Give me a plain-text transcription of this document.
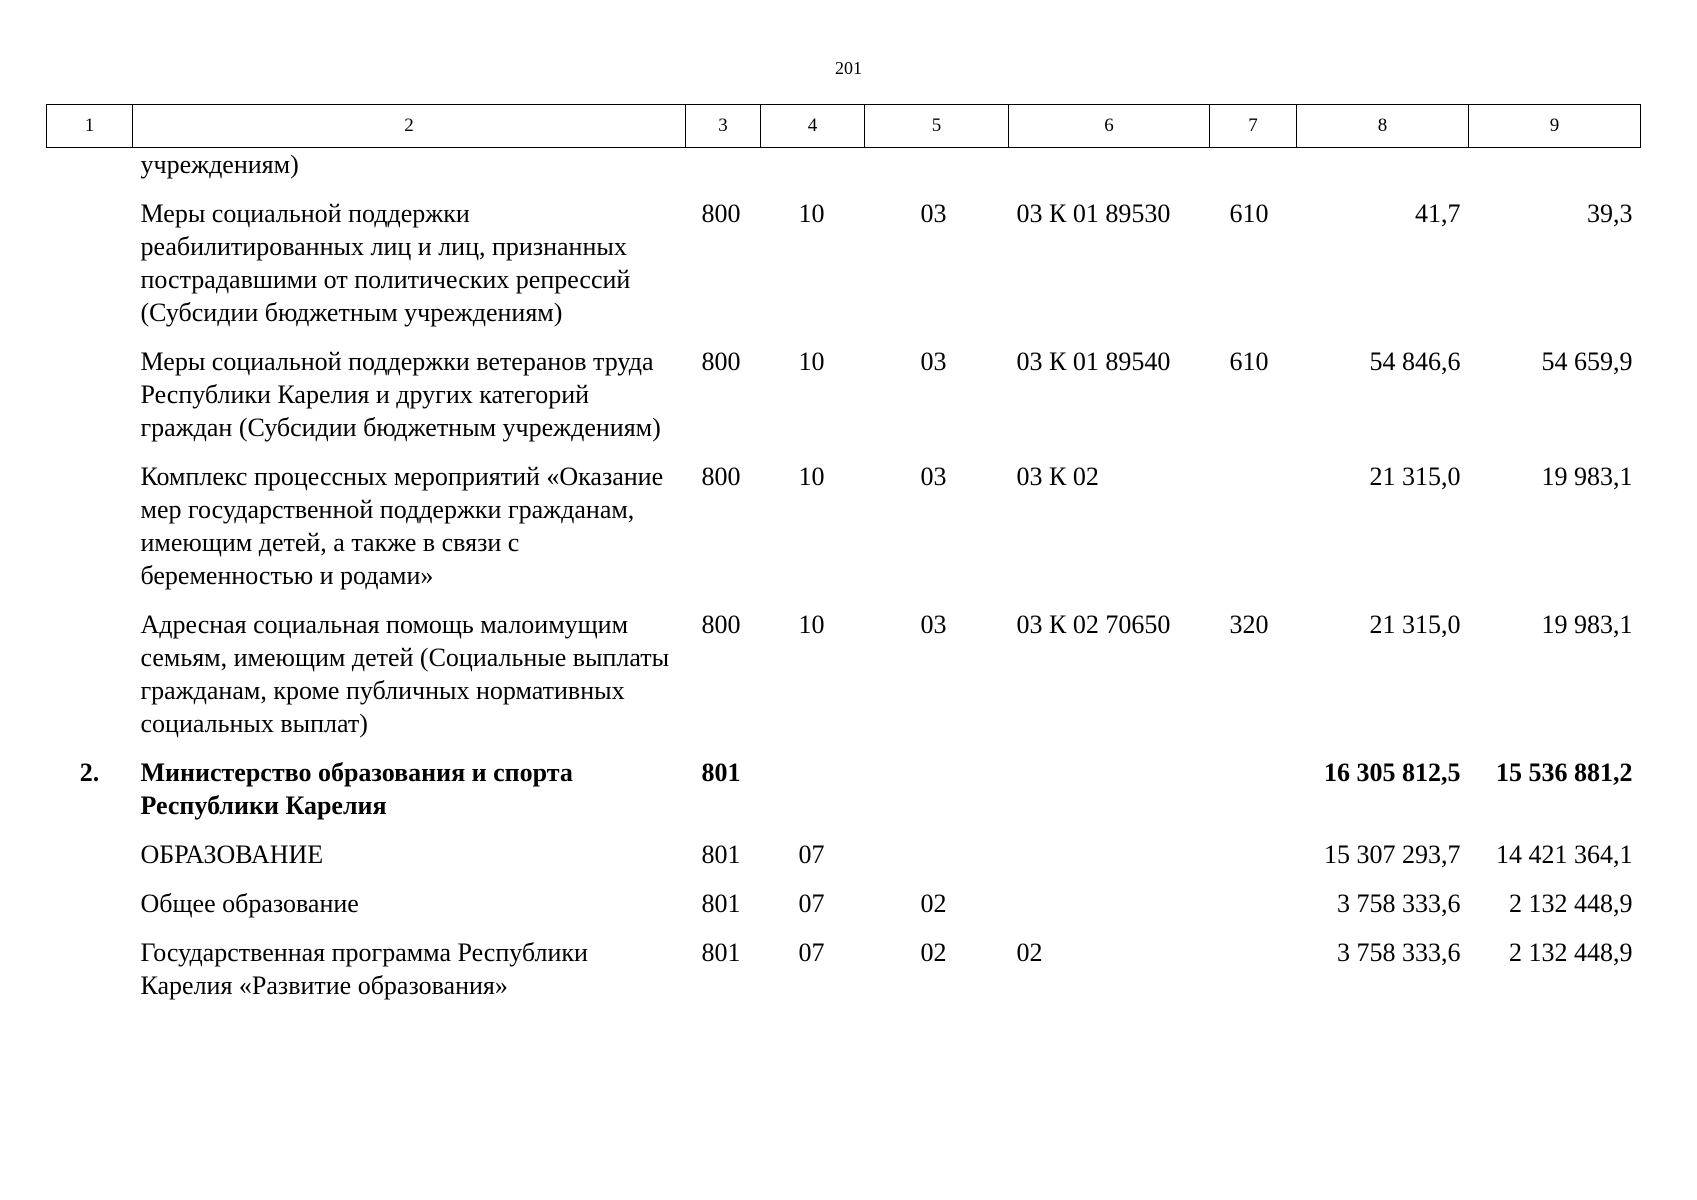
201
1	2	3	4	5	6	7	8	9
	учреждениям)							
	Меры социальной поддержки реабилитированных лиц и лиц, признанных пострадавшими от политических репрессий (Субсидии бюджетным учреждениям)	800	10	03	03 К 01 89530	610	41,7	39,3
	Меры социальной поддержки ветеранов труда Республики Карелия и других категорий граждан (Субсидии бюджетным учреждениям)	800	10	03	03 К 01 89540	610	54 846,6	54 659,9
	Комплекс процессных мероприятий «Оказание мер государственной поддержки гражданам, имеющим детей, а также в связи с беременностью и родами»	800	10	03	03 К 02		21 315,0	19 983,1
	Адресная социальная помощь малоимущим семьям, имеющим детей (Социальные выплаты гражданам, кроме публичных нормативных социальных выплат)	800	10	03	03 К 02 70650	320	21 315,0	19 983,1
2.	Министерство образования и спорта Республики Карелия	801					16 305 812,5	15 536 881,2
	ОБРАЗОВАНИЕ	801	07				15 307 293,7	14 421 364,1
	Общее образование	801	07	02			3 758 333,6	2 132 448,9
	Государственная программа Республики Карелия «Развитие образования»	801	07	02	02		3 758 333,6	2 132 448,9
